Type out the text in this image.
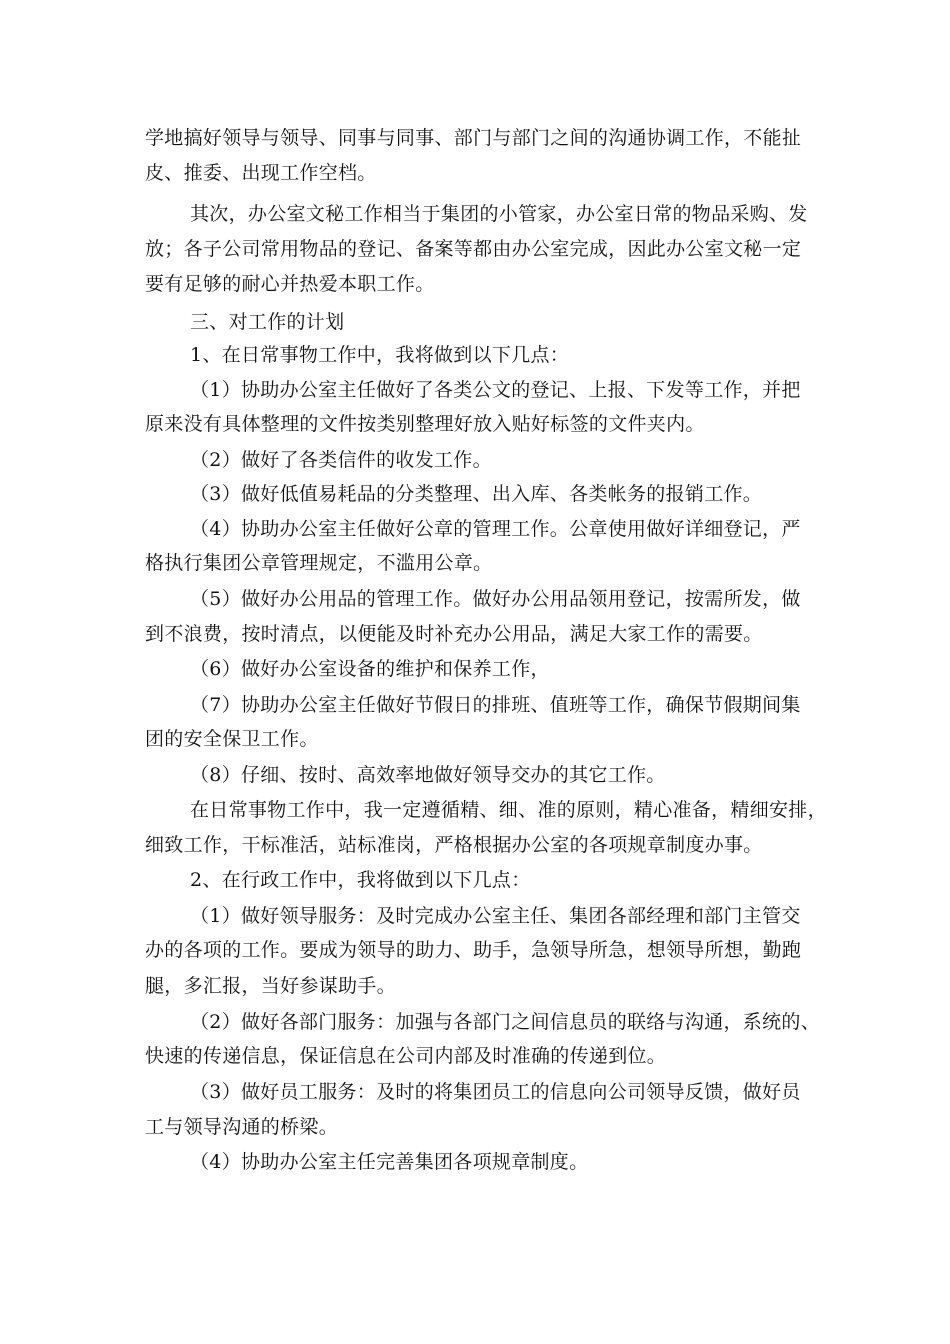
学地搞好领导与领导、同事与同事、部门与部门之间的沟通协调工作，不能扯
皮、推委、出现工作空档。
其次，办公室文秘工作相当于集团的小管家，办公室日常的物品采购、发
放；各子公司常用物品的登记、备案等都由办公室完成，因此办公室文秘一定
要有足够的耐心并热爱本职工作。
三、对工作的计划
1、在日常事物工作中，我将做到以下几点：
（1）协助办公室主任做好了各类公文的登记、上报、下发等工作，并把
原来没有具体整理的文件按类别整理好放入贴好标签的文件夹内。
（2）做好了各类信件的收发工作。
（3）做好低值易耗品的分类整理、出入库、各类帐务的报销工作。
（4）协助办公室主任做好公章的管理工作。公章使用做好详细登记，严
格执行集团公章管理规定，不滥用公章。
（5）做好办公用品的管理工作。做好办公用品领用登记，按需所发，做
到不浪费，按时清点，以便能及时补充办公用品，满足大家工作的需要。
（6）做好办公室设备的维护和保养工作，
（7）协助办公室主任做好节假日的排班、值班等工作，确保节假期间集
团的安全保卫工作。
（8）仔细、按时、高效率地做好领导交办的其它工作。
在日常事物工作中，我一定遵循精、细、准的原则，精心准备，精细安排，
细致工作，干标准活，站标准岗，严格根据办公室的各项规章制度办事。
2、在行政工作中，我将做到以下几点：
（1）做好领导服务：及时完成办公室主任、集团各部经理和部门主管交
办的各项的工作。要成为领导的助力、助手，急领导所急，想领导所想，勤跑
腿，多汇报，当好参谋助手。
（2）做好各部门服务：加强与各部门之间信息员的联络与沟通，系统的、
快速的传递信息，保证信息在公司内部及时准确的传递到位。
（3）做好员工服务：及时的将集团员工的信息向公司领导反馈，做好员
工与领导沟通的桥梁。
（4）协助办公室主任完善集团各项规章制度。
